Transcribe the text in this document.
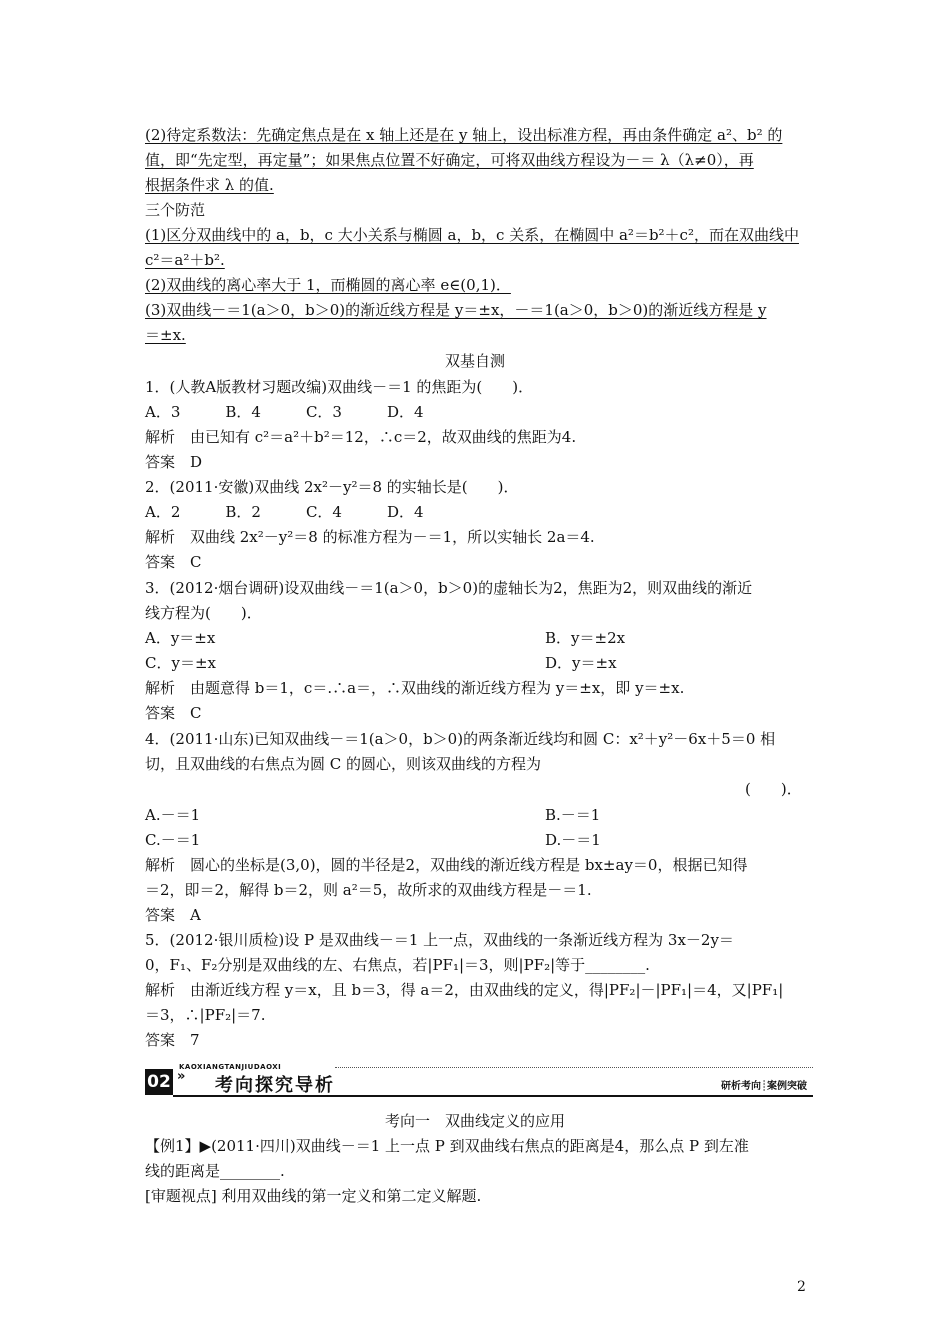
(2)待定系数法：先确定焦点是在 x 轴上还是在 y 轴上，设出标准方程，再由条件确定 a²、b² 的
值，即“先定型，再定量”；如果焦点位置不好确定，可将双曲线方程设为－＝ λ（λ≠0），再
根据条件求 λ 的值.
三个防范
(1)区分双曲线中的 a，b，c 大小关系与椭圆 a，b，c 关系，在椭圆中 a²＝b²＋c²，而在双曲线中
c²＝a²＋b².
(2)双曲线的离心率大于 1，而椭圆的离心率 e∈(0,1)．
(3)双曲线－＝1(a＞0，b＞0)的渐近线方程是 y＝±x，－＝1(a＞0，b＞0)的渐近线方程是 y
＝±x.
双基自测
1．(人教A版教材习题改编)双曲线－＝1 的焦距为(　　)．
A．3　　　B．4　　　C．3　　　D．4
解析　由已知有 c²＝a²＋b²＝12，∴c＝2，故双曲线的焦距为4.
答案　D
2．(2011·安徽)双曲线 2x²－y²＝8 的实轴长是(　　)．
A．2　　　B．2　　　C．4　　　D．4
解析　双曲线 2x²－y²＝8 的标准方程为－＝1，所以实轴长 2a＝4.
答案　C
3．(2012·烟台调研)设双曲线－＝1(a＞0，b＞0)的虚轴长为2，焦距为2，则双曲线的渐近
线方程为(　　)．
A．y＝±x	B．y＝±2x
C．y＝±x	D．y＝±x
解析　由题意得 b＝1，c＝.∴a＝，∴双曲线的渐近线方程为 y＝±x，即 y＝±x.
答案　C
4．(2011·山东)已知双曲线－＝1(a＞0，b＞0)的两条渐近线均和圆 C：x²＋y²－6x＋5＝0 相
切，且双曲线的右焦点为圆 C 的圆心，则该双曲线的方程为
(　　)．
A.－＝1	B.－＝1
C.－＝1	D.－＝1
解析　圆心的坐标是(3,0)，圆的半径是2，双曲线的渐近线方程是 bx±ay＝0，根据已知得
＝2，即＝2，解得 b＝2，则 a²＝5，故所求的双曲线方程是－＝1.
答案　A
5．(2012·银川质检)设 P 是双曲线－＝1 上一点，双曲线的一条渐近线方程为 3x－2y＝
0，F₁、F₂分别是双曲线的左、右焦点，若|PF₁|＝3，则|PF₂|等于________.
解析　由渐近线方程 y＝x，且 b＝3，得 a＝2，由双曲线的定义，得|PF₂|－|PF₁|＝4，又|PF₁|
＝3，∴|PF₂|＝7.
答案　7
02 »
KAOXIANGTANJIUDAOXI
考向探究导析	研析考向┊案例突破
考向一　双曲线定义的应用
【例1】▶(2011·四川)双曲线－＝1 上一点 P 到双曲线右焦点的距离是4，那么点 P 到左准
线的距离是________.
[审题视点] 利用双曲线的第一定义和第二定义解题.
2
